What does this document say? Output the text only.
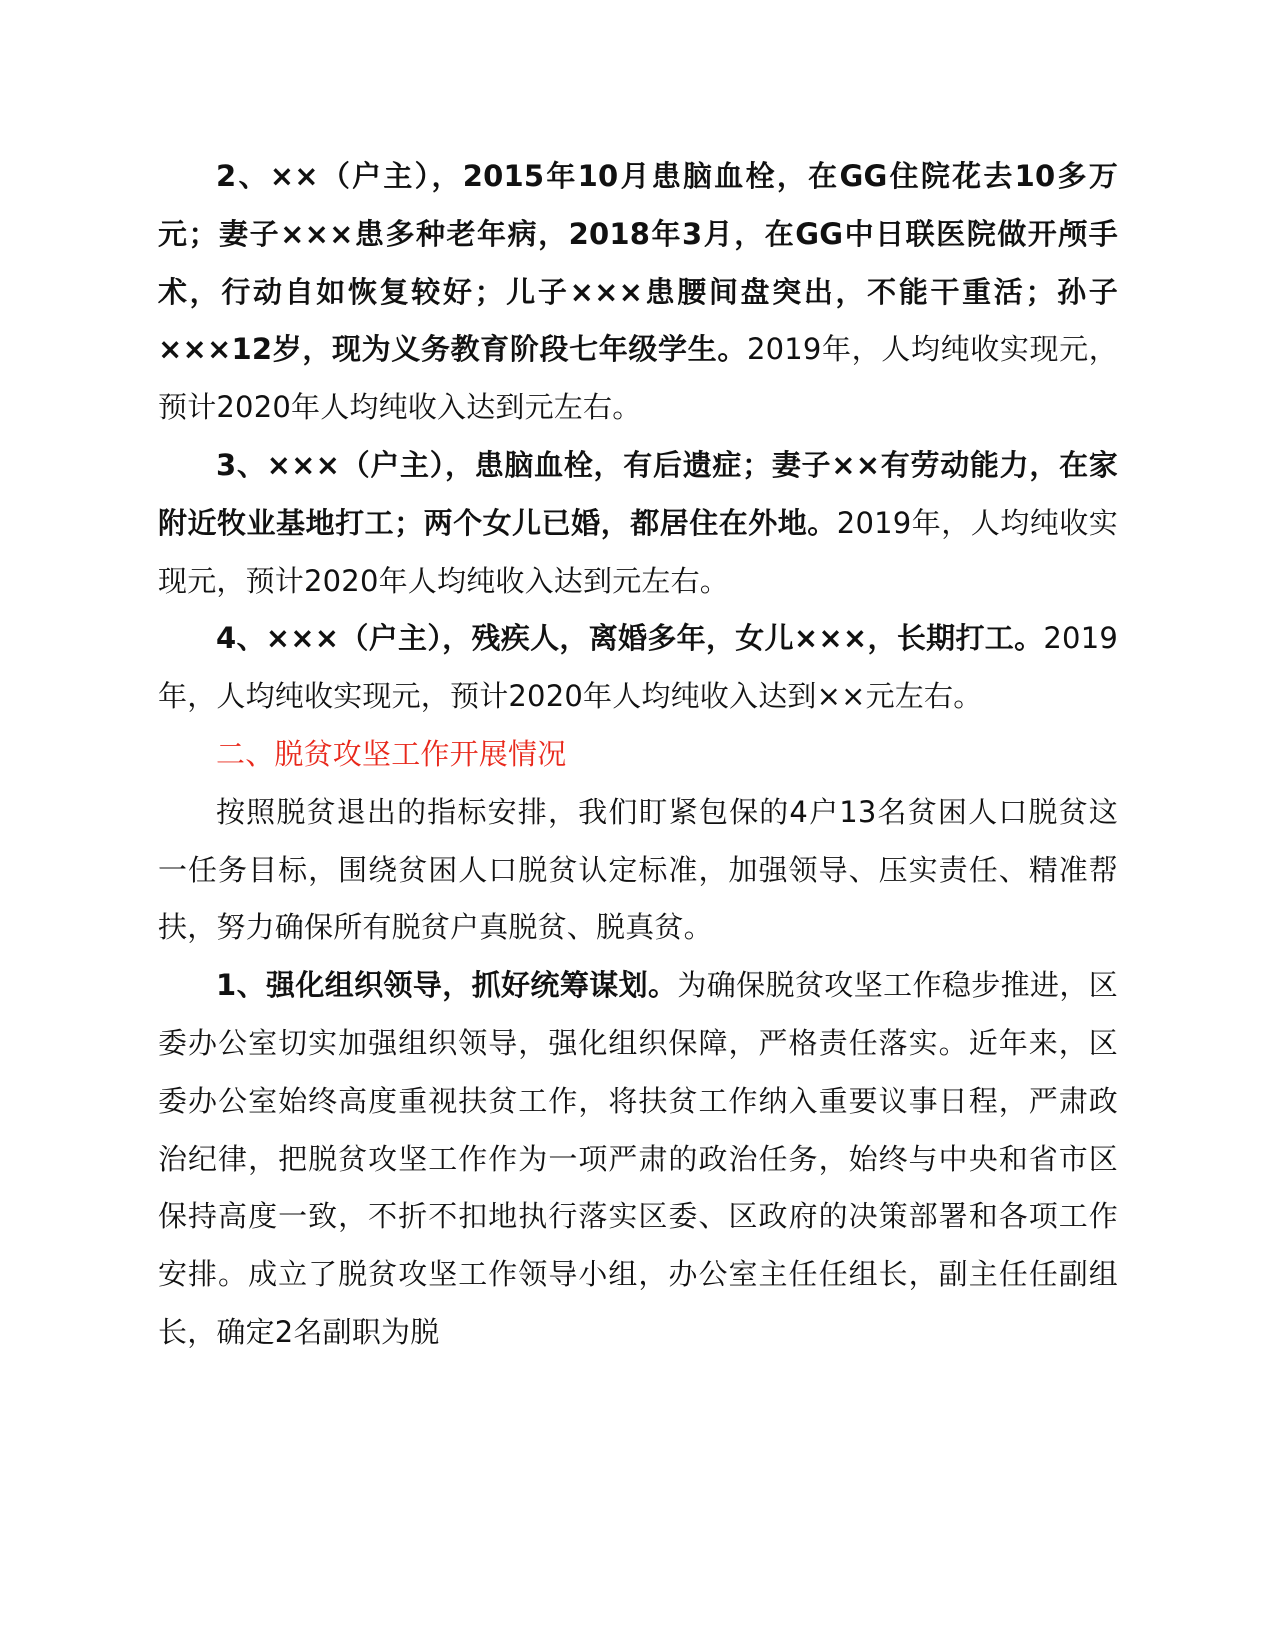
2、××（户主），2015年10月患脑血栓，在GG住院花去10多万元；妻子×××患多种老年病，2018年3月，在GG中日联医院做开颅手术，行动自如恢复较好；儿子×××患腰间盘突出，不能干重活；孙子×××12岁，现为义务教育阶段七年级学生。2019年，人均纯收实现元，预计2020年人均纯收入达到元左右。

3、×××（户主），患脑血栓，有后遗症；妻子××有劳动能力，在家附近牧业基地打工；两个女儿已婚，都居住在外地。2019年，人均纯收实现元，预计2020年人均纯收入达到元左右。

4、×××（户主），残疾人，离婚多年，女儿×××，长期打工。2019年，人均纯收实现元，预计2020年人均纯收入达到××元左右。

二、脱贫攻坚工作开展情况

按照脱贫退出的指标安排，我们盯紧包保的4户13名贫困人口脱贫这一任务目标，围绕贫困人口脱贫认定标准，加强领导、压实责任、精准帮扶，努力确保所有脱贫户真脱贫、脱真贫。

1、强化组织领导，抓好统筹谋划。为确保脱贫攻坚工作稳步推进，区委办公室切实加强组织领导，强化组织保障，严格责任落实。近年来，区委办公室始终高度重视扶贫工作，将扶贫工作纳入重要议事日程，严肃政治纪律，把脱贫攻坚工作作为一项严肃的政治任务，始终与中央和省市区保持高度一致，不折不扣地执行落实区委、区政府的决策部署和各项工作安排。成立了脱贫攻坚工作领导小组，办公室主任任组长，副主任任副组长，确定2名副职为脱
